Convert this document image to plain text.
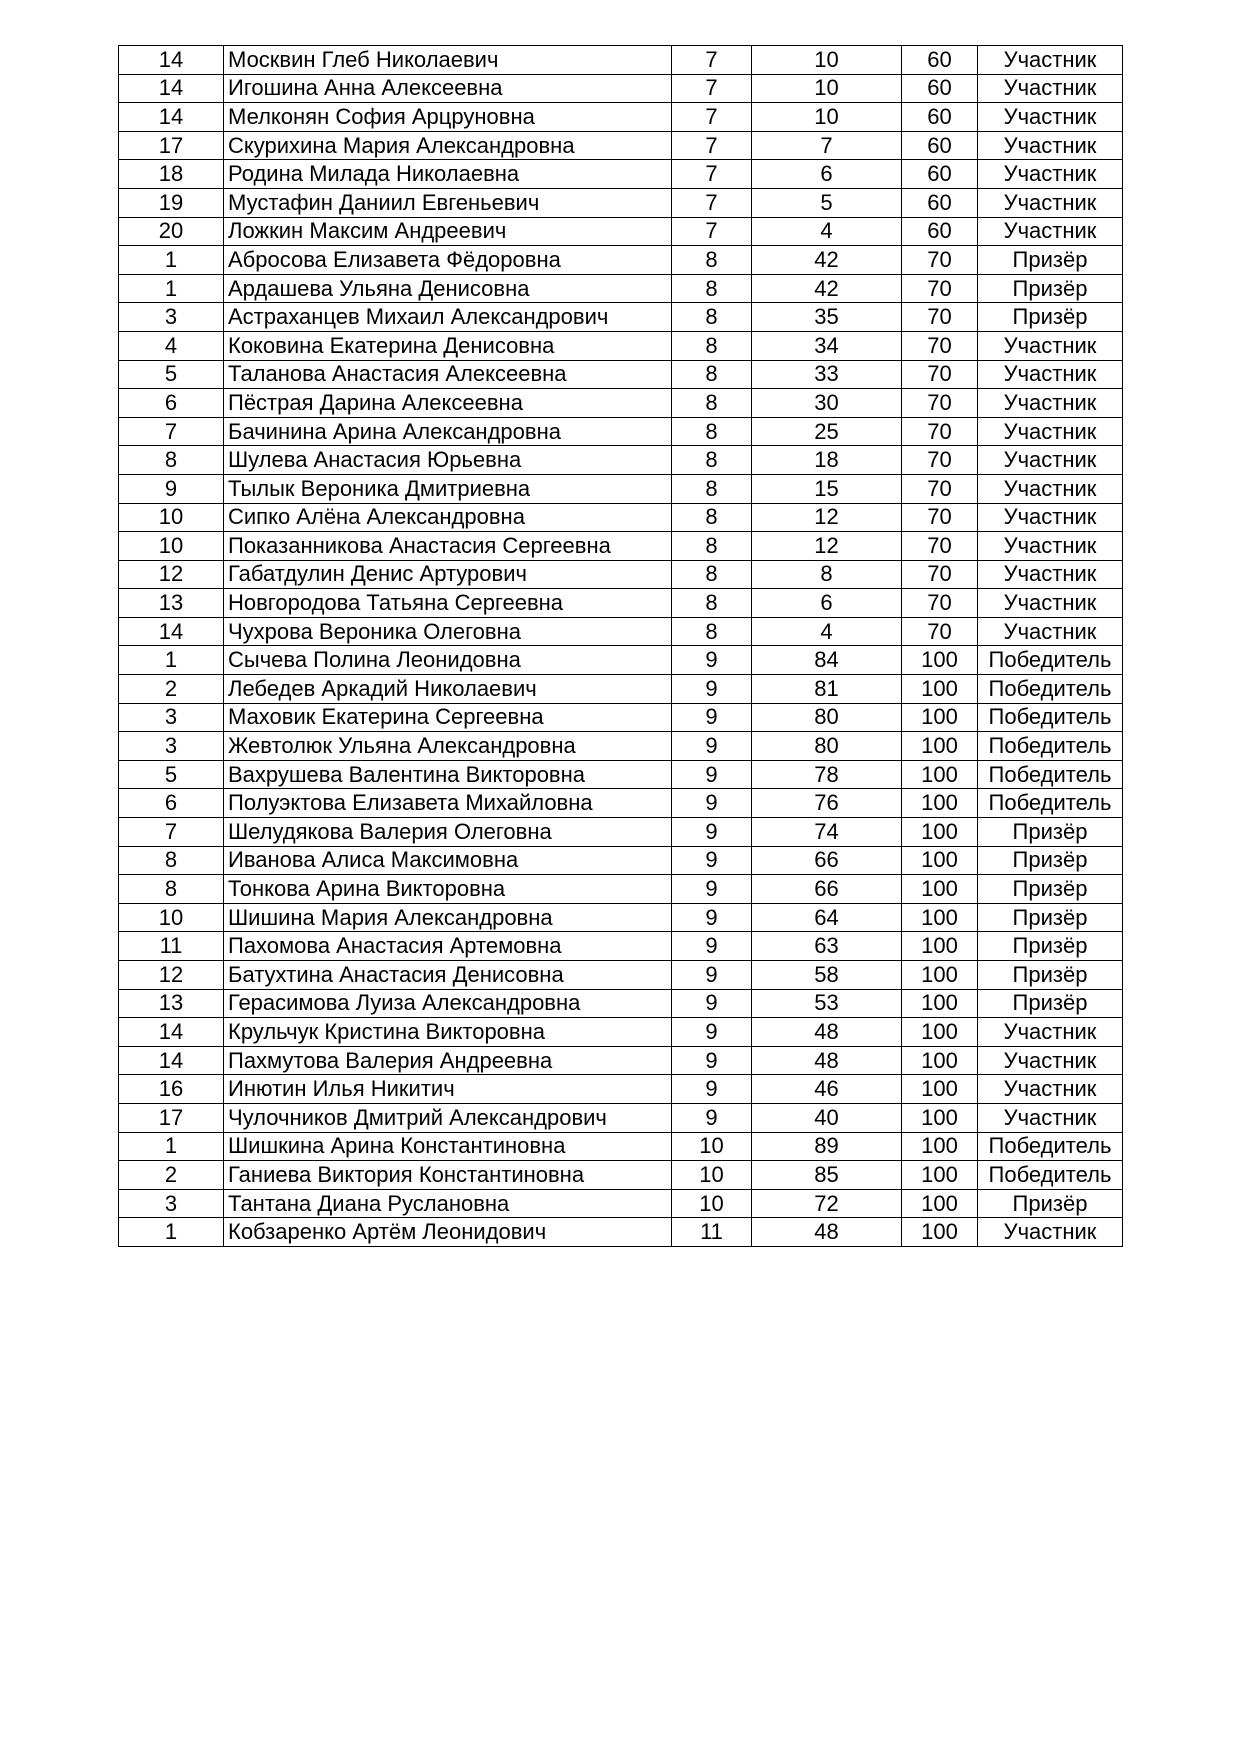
14	Москвин Глеб Николаевич	7	10	60	Участник
14	Игошина Анна Алексеевна	7	10	60	Участник
14	Мелконян София Арцруновна	7	10	60	Участник
17	Скурихина Мария Александровна	7	7	60	Участник
18	Родина Милада Николаевна	7	6	60	Участник
19	Мустафин Даниил Евгеньевич	7	5	60	Участник
20	Ложкин Максим Андреевич	7	4	60	Участник
1	Абросова Елизавета Фёдоровна	8	42	70	Призёр
1	Ардашева Ульяна Денисовна	8	42	70	Призёр
3	Астраханцев Михаил Александрович	8	35	70	Призёр
4	Коковина Екатерина Денисовна	8	34	70	Участник
5	Таланова Анастасия Алексеевна	8	33	70	Участник
6	Пёстрая Дарина Алексеевна	8	30	70	Участник
7	Бачинина Арина Александровна	8	25	70	Участник
8	Шулева Анастасия Юрьевна	8	18	70	Участник
9	Тылык Вероника Дмитриевна	8	15	70	Участник
10	Сипко Алёна Александровна	8	12	70	Участник
10	Показанникова Анастасия Сергеевна	8	12	70	Участник
12	Габатдулин Денис Артурович	8	8	70	Участник
13	Новгородова Татьяна Сергеевна	8	6	70	Участник
14	Чухрова Вероника Олеговна	8	4	70	Участник
1	Сычева Полина Леонидовна	9	84	100	Победитель
2	Лебедев Аркадий Николаевич	9	81	100	Победитель
3	Маховик Екатерина Сергеевна	9	80	100	Победитель
3	Жевтолюк Ульяна Александровна	9	80	100	Победитель
5	Вахрушева Валентина Викторовна	9	78	100	Победитель
6	Полуэктова Елизавета Михайловна	9	76	100	Победитель
7	Шелудякова Валерия Олеговна	9	74	100	Призёр
8	Иванова Алиса Максимовна	9	66	100	Призёр
8	Тонкова Арина Викторовна	9	66	100	Призёр
10	Шишина Мария Александровна	9	64	100	Призёр
11	Пахомова Анастасия Артемовна	9	63	100	Призёр
12	Батухтина Анастасия Денисовна	9	58	100	Призёр
13	Герасимова Луиза Александровна	9	53	100	Призёр
14	Крульчук Кристина Викторовна	9	48	100	Участник
14	Пахмутова Валерия Андреевна	9	48	100	Участник
16	Инютин Илья Никитич	9	46	100	Участник
17	Чулочников Дмитрий Александрович	9	40	100	Участник
1	Шишкина Арина Константиновна	10	89	100	Победитель
2	Ганиева Виктория Константиновна	10	85	100	Победитель
3	Тантана Диана Руслановна	10	72	100	Призёр
1	Кобзаренко Артём Леонидович	11	48	100	Участник
